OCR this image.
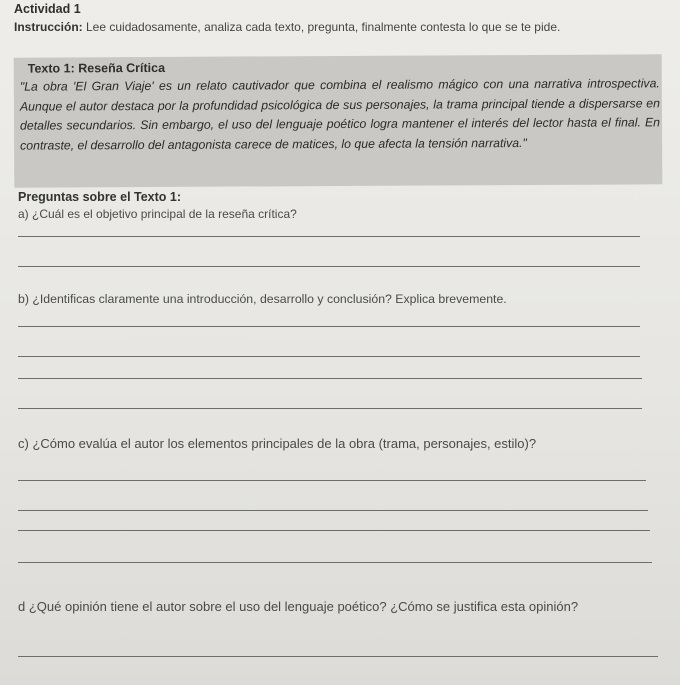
Actividad 1
Instrucción: Lee cuidadosamente, analiza cada texto, pregunta, finalmente contesta lo que se te pide.
Texto 1: Reseña Crítica
"La obra 'El Gran Viaje' es un relato cautivador que combina el realismo mágico con una narrativa introspectiva. Aunque el autor destaca por la profundidad psicológica de sus personajes, la trama principal tiende a dispersarse en detalles secundarios. Sin embargo, el uso del lenguaje poético logra mantener el interés del lector hasta el final. En contraste, el desarrollo del antagonista carece de matices, lo que afecta la tensión narrativa."
Preguntas sobre el Texto 1:
a) ¿Cuál es el objetivo principal de la reseña crítica?
b) ¿Identificas claramente una introducción, desarrollo y conclusión? Explica brevemente.
c) ¿Cómo evalúa el autor los elementos principales de la obra (trama, personajes, estilo)?
d ¿Qué opinión tiene el autor sobre el uso del lenguaje poético? ¿Cómo se justifica esta opinión?
